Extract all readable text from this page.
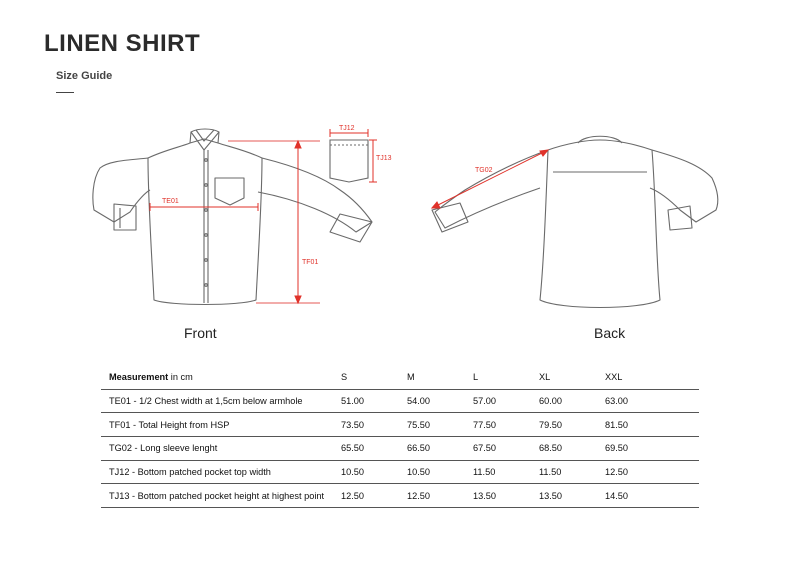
LINEN SHIRT
Size Guide
TE01
TF01
TJ12
TJ13
TG02
Front	Back
Measurement in cm	S	M	L	XL	XXL
TE01 - 1/2 Chest width at 1,5cm below armhole	51.00	54.00	57.00	60.00	63.00
TF01 - Total Height from HSP	73.50	75.50	77.50	79.50	81.50
TG02 - Long sleeve lenght	65.50	66.50	67.50	68.50	69.50
TJ12 - Bottom patched pocket top width	10.50	10.50	11.50	11.50	12.50
TJ13 - Bottom patched pocket height at highest point	12.50	12.50	13.50	13.50	14.50
